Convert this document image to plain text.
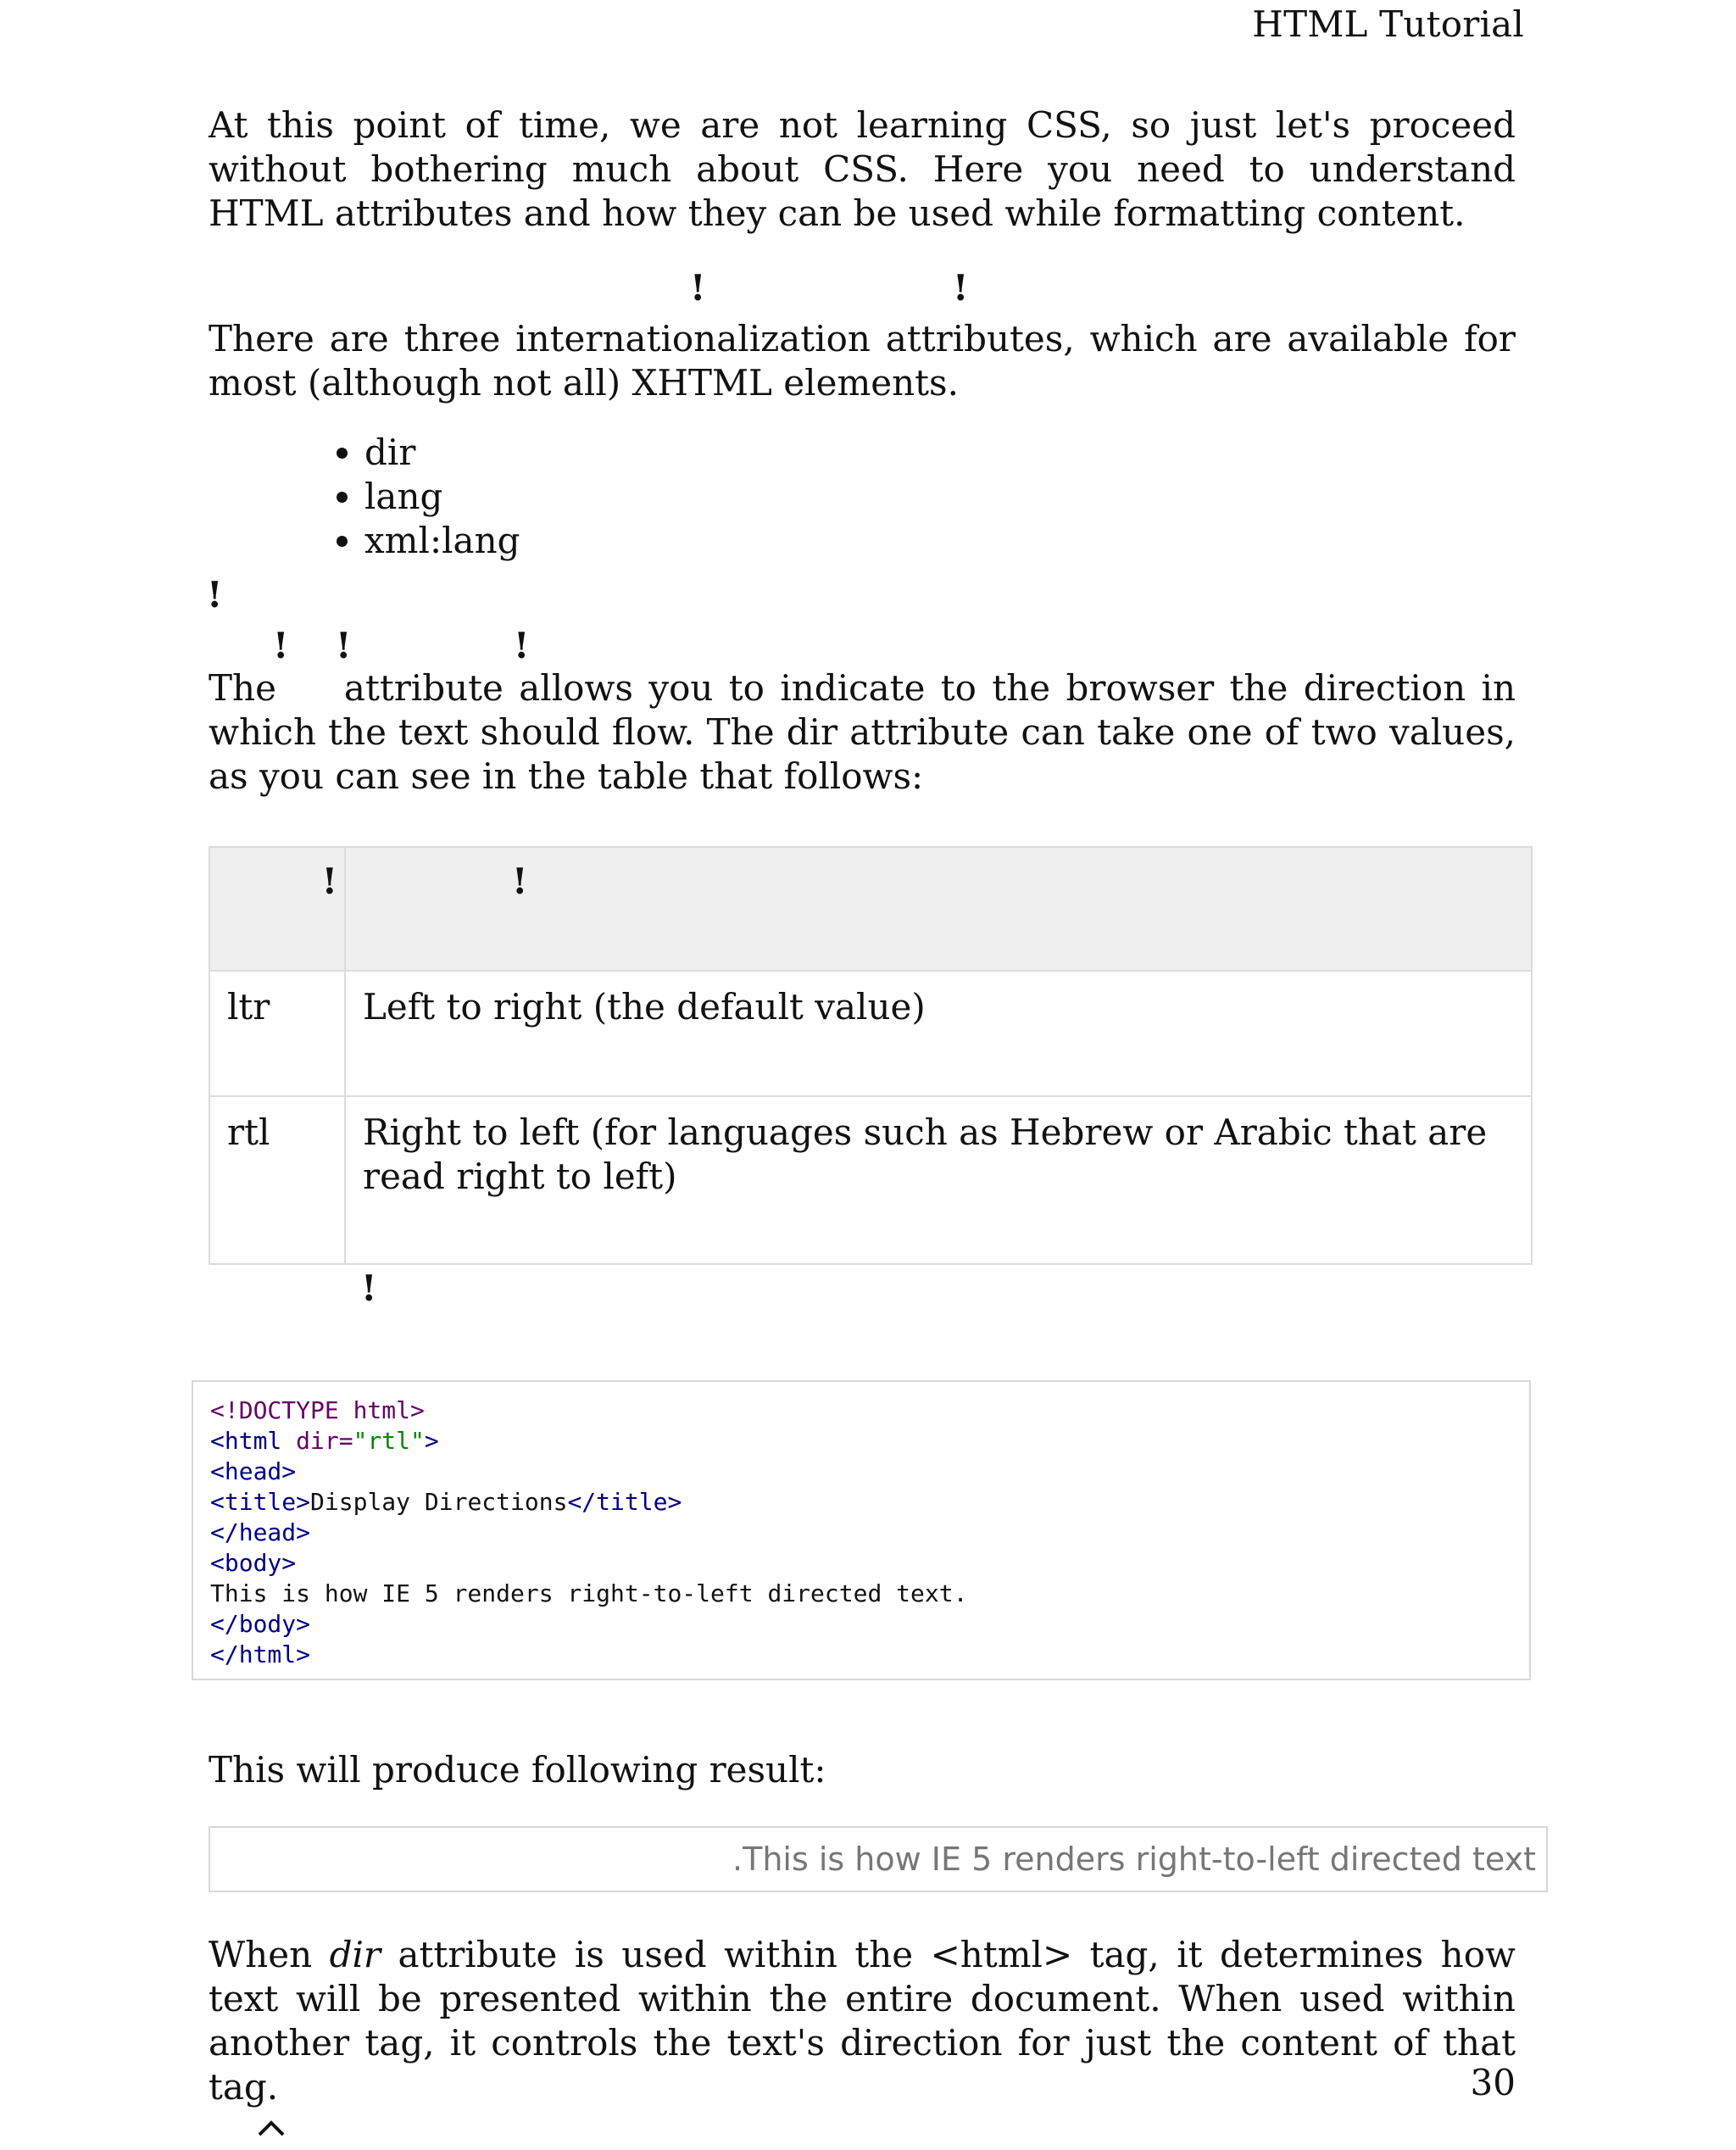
HTML Tutorial
At this point of time, we are not learning CSS, so just let's proceed without bothering much about CSS. Here you need to understand HTML attributes and how they can be used while formatting content.
!	!
There are three internationalization attributes, which are available for most (although not all) XHTML elements.
• dir
• lang
• xml:lang
!
! !	!
The attribute allows you to indicate to the browser the direction in which the text should flow. The dir attribute can take one of two values, as you can see in the table that follows:
!	!
ltr	Left to right (the default value)
rtl	Right to left (for languages such as Hebrew or Arabic that are read right to left)
!
<!DOCTYPE html>
<html dir="rtl">
<head>
<title>Display Directions</title>
</head>
<body>
This is how IE 5 renders right-to-left directed text.
</body>
</html>
This will produce following result:
This is how IE 5 renders right-to-left directed text.
When dir attribute is used within the <html> tag, it determines how text will be presented within the entire document. When used within another tag, it controls the text's direction for just the content of that tag.	30
